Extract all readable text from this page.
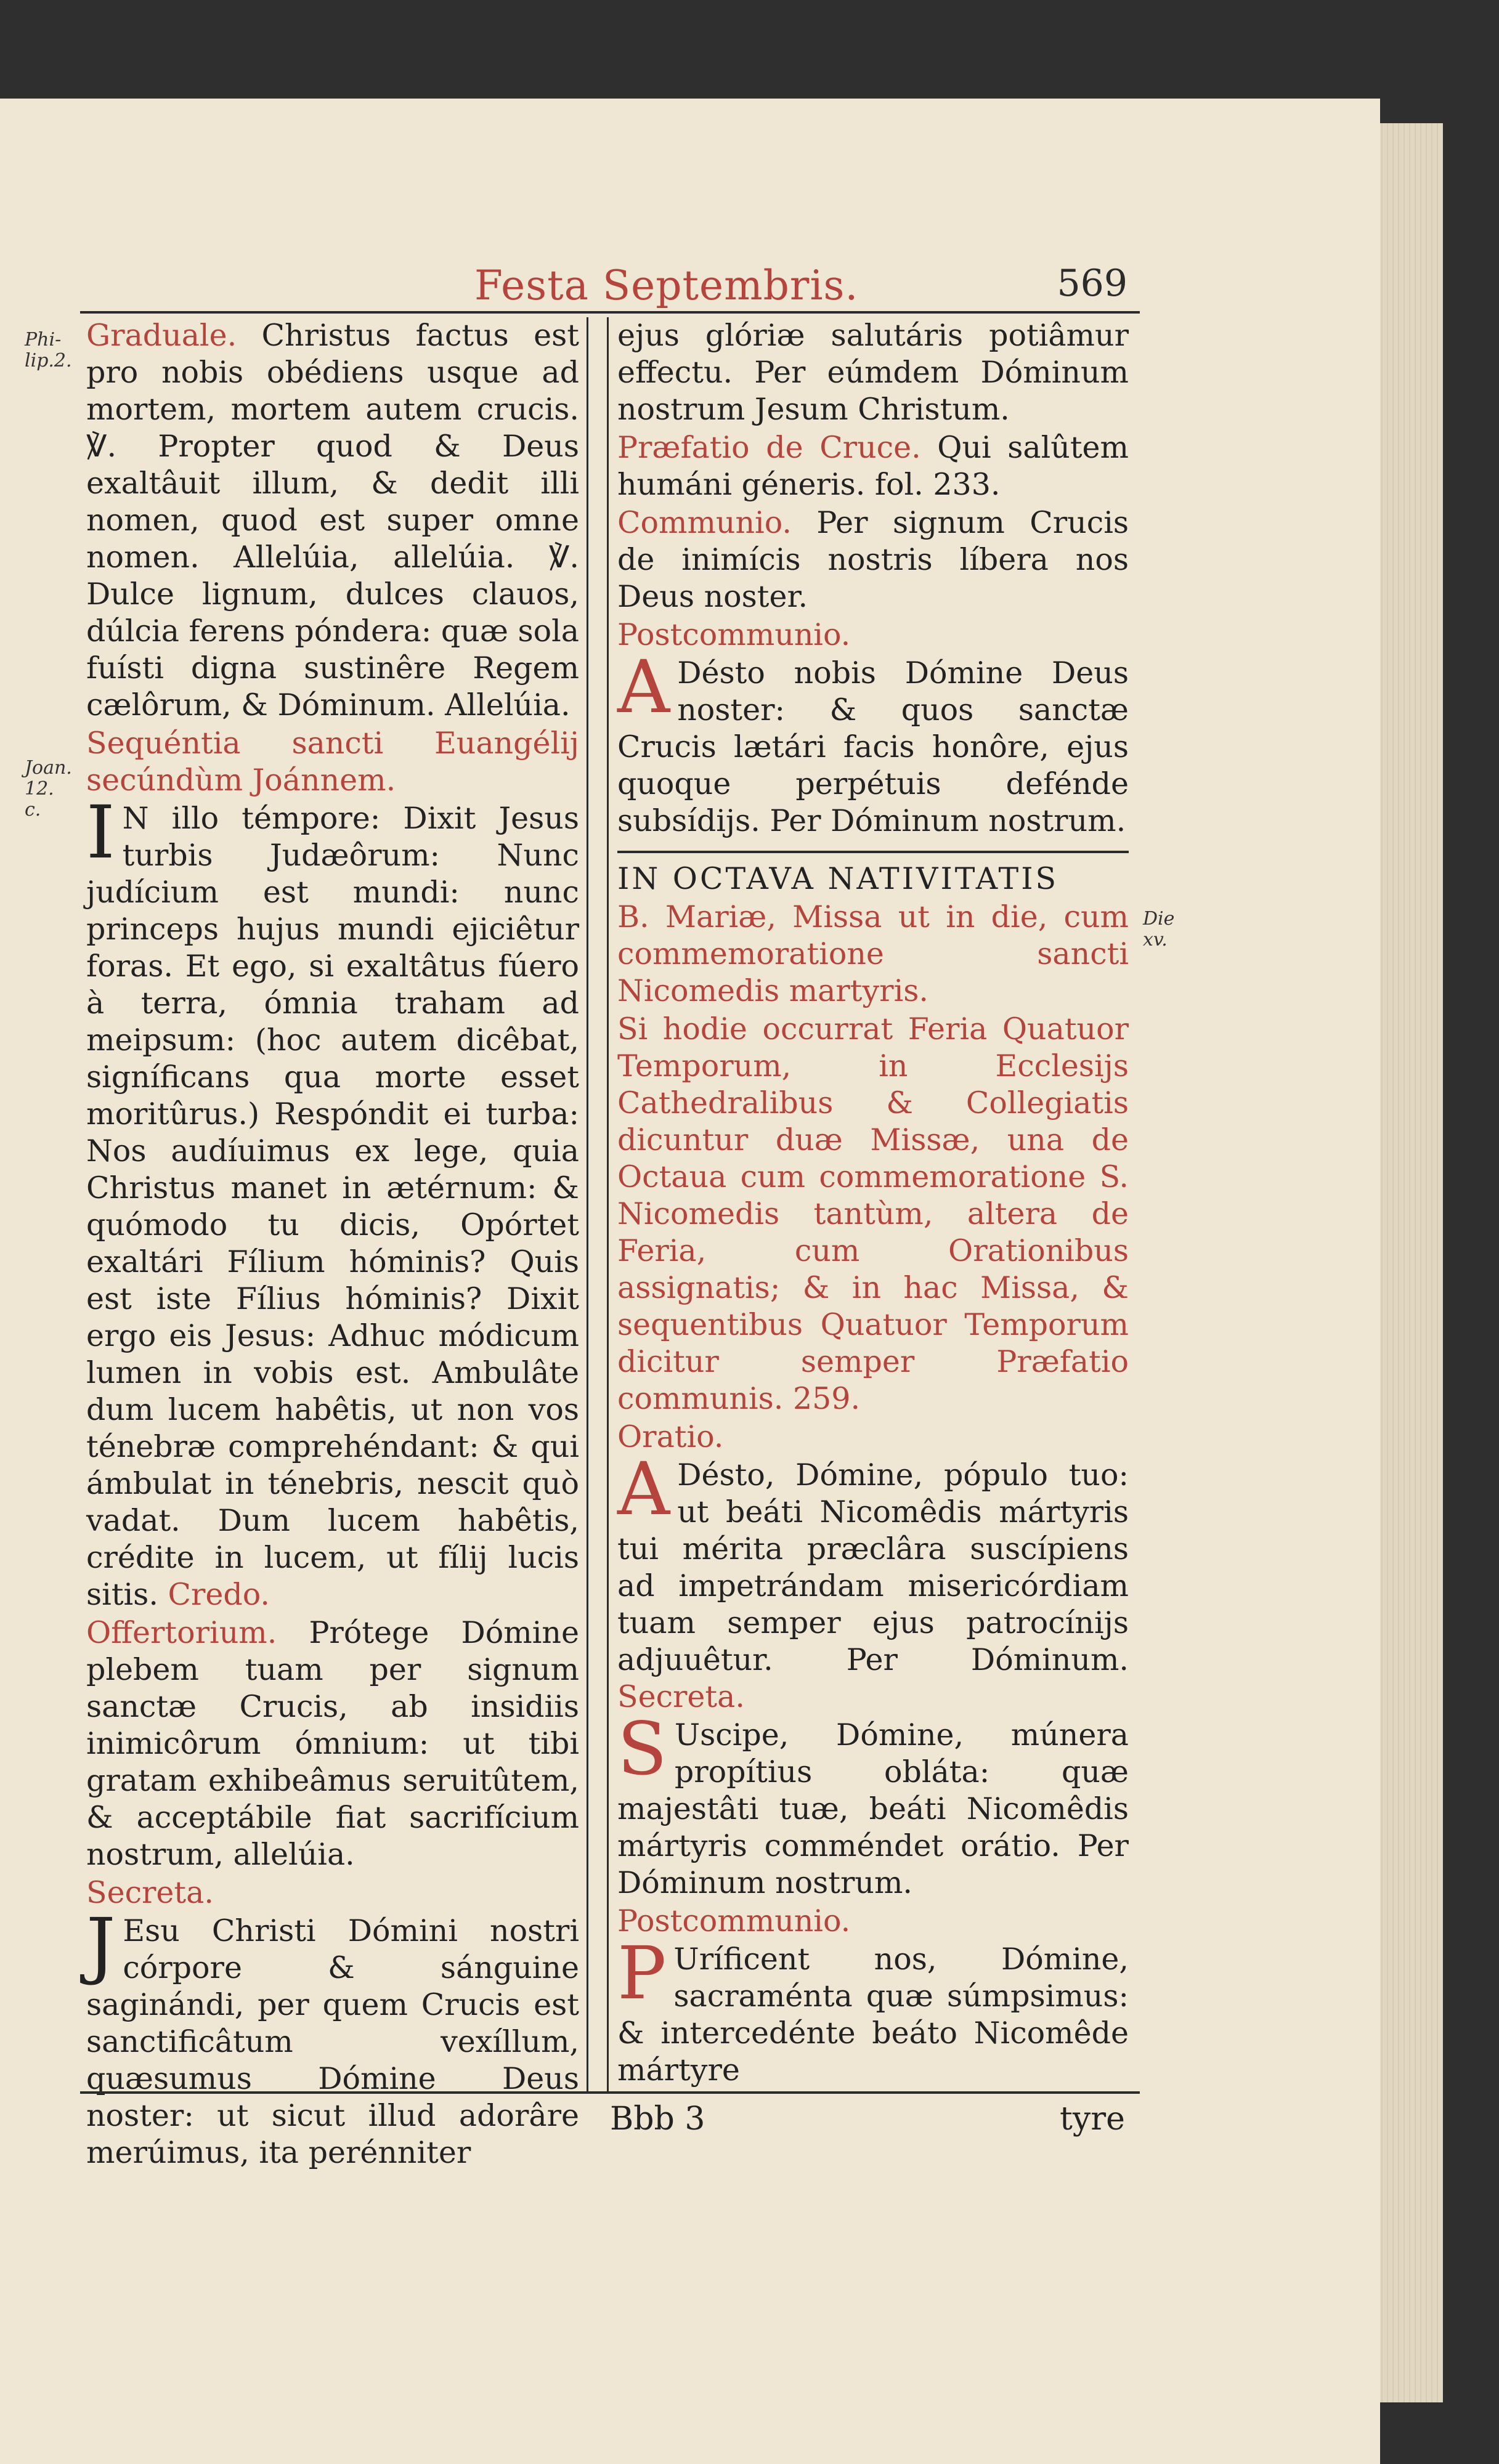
Festa Septembris.	569
Phi-lip.2.
Joan. 12. c.
Die xv.

Graduale. Christus factus est pro nobis obédiens usque ad mortem, mortem autem crucis. ℣. Propter quod & Deus exaltâuit illum, & dedit illi nomen, quod est super omne nomen. Allelúia, allelúia. ℣. Dulce lignum, dulces clauos, dúlcia ferens póndera: quæ sola fuísti digna sustinêre Regem cælôrum, & Dóminum. Allelúia.

Sequéntia sancti Euangélij secúndùm Joánnem.

I N illo témpore: Dixit Jesus turbis Judæôrum: Nunc judícium est mundi: nunc princeps hujus mundi ejiciêtur foras. Et ego, si exaltâtus fúero à terra, ómnia traham ad meipsum: (hoc autem dicêbat, signíficans qua morte esset moritûrus.) Respóndit ei turba: Nos audíuimus ex lege, quia Christus manet in ætérnum: & quómodo tu dicis, Opórtet exaltári Fílium hóminis? Quis est iste Fílius hóminis? Dixit ergo eis Jesus: Adhuc módicum lumen in vobis est. Ambulâte dum lucem habêtis, ut non vos ténebræ comprehéndant: & qui ámbulat in ténebris, nescit quò vadat. Dum lucem habêtis, crédite in lucem, ut fílij lucis sitis. Credo.

Offertorium. Prótege Dómine plebem tuam per signum sanctæ Crucis, ab insidiis inimicôrum ómnium: ut tibi gratam exhibeâmus seruitûtem, & acceptábile fiat sacrifícium nostrum, allelúia.

Secreta.

J Esu Christi Dómini nostri córpore & sánguine saginándi, per quem Crucis est sanctificâtum vexíllum, quæsumus Dómine Deus noster: ut sicut illud adorâre merúimus, ita perénniter

ejus glóriæ salutáris potiâmur effectu. Per eúmdem Dóminum nostrum Jesum Christum.

Præfatio de Cruce. Qui salûtem humáni géneris. fol. 233.

Communio. Per signum Crucis de inimícis nostris líbera nos Deus noster.

Postcommunio.

A Désto nobis Dómine Deus noster: & quos sanctæ Crucis lætári facis honôre, ejus quoque perpétuis defénde subsídijs. Per Dóminum nostrum.

IN OCTAVA NATIVITATIS

B. Mariæ, Missa ut in die, cum commemoratione sancti Nicomedis martyris.

Si hodie occurrat Feria Quatuor Temporum, in Ecclesijs Cathedralibus & Collegiatis dicuntur duæ Missæ, una de Octaua cum commemoratione S. Nicomedis tantùm, altera de Feria, cum Orationibus assignatis; & in hac Missa, & sequentibus Quatuor Temporum dicitur semper Præfatio communis. 259.

Oratio.

A Désto, Dómine, pópulo tuo: ut beáti Nicomêdis mártyris tui mérita præclâra suscípiens ad impetrándam misericórdiam tuam semper ejus patrocínijs adjuuêtur. Per Dóminum. Secreta.

S Uscipe, Dómine, múnera propítius obláta: quæ majestâti tuæ, beáti Nicomêdis mártyris comméndet orátio. Per Dóminum nostrum.

Postcommunio.

P Uríficent nos, Dómine, sacraménta quæ súmpsimus: & intercedénte beáto Nicomêde mártyre

Bbb 3	tyre
